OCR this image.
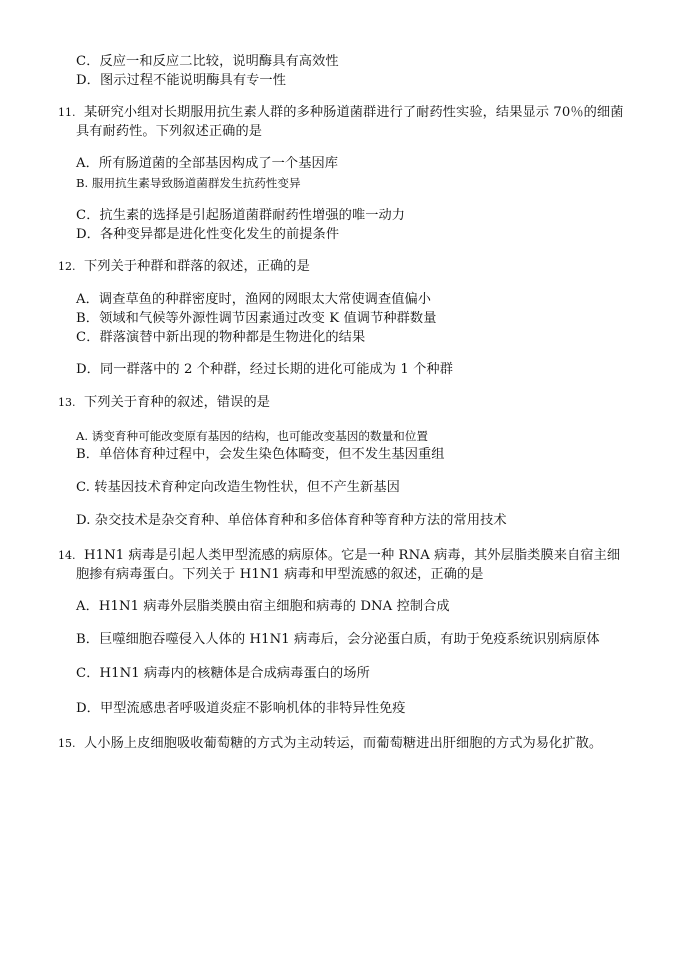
C．反应一和反应二比较，说明酶具有高效性
D．图示过程不能说明酶具有专一性
11. 某研究小组对长期服用抗生素人群的多种肠道菌群进行了耐药性实验，结果显示 70％的细菌
具有耐药性。下列叙述正确的是
A．所有肠道菌的全部基因构成了一个基因库
B. 服用抗生素导致肠道菌群发生抗药性变异
C．抗生素的选择是引起肠道菌群耐药性增强的唯一动力
D．各种变异都是进化性变化发生的前提条件
12. 下列关于种群和群落的叙述，正确的是
A．调查草鱼的种群密度时，渔网的网眼太大常使调查值偏小
B．领域和气候等外源性调节因素通过改变 K 值调节种群数量
C．群落演替中新出现的物种都是生物进化的结果
D．同一群落中的 2 个种群，经过长期的进化可能成为 1 个种群
13. 下列关于育种的叙述，错误的是
A. 诱变育种可能改变原有基因的结构，也可能改变基因的数量和位置
B．单倍体育种过程中，会发生染色体畸变，但不发生基因重组
C. 转基因技术育种定向改造生物性状，但不产生新基因
D. 杂交技术是杂交育种、单倍体育种和多倍体育种等育种方法的常用技术
14. H1N1 病毒是引起人类甲型流感的病原体。它是一种 RNA 病毒，其外层脂类膜来自宿主细
胞掺有病毒蛋白。下列关于 H1N1 病毒和甲型流感的叙述，正确的是
A．H1N1 病毒外层脂类膜由宿主细胞和病毒的 DNA 控制合成
B．巨噬细胞吞噬侵入人体的 H1N1 病毒后，会分泌蛋白质，有助于免疫系统识别病原体
C．H1N1 病毒内的核糖体是合成病毒蛋白的场所
D．甲型流感患者呼吸道炎症不影响机体的非特异性免疫
15. 人小肠上皮细胞吸收葡萄糖的方式为主动转运，而葡萄糖进出肝细胞的方式为易化扩散。
